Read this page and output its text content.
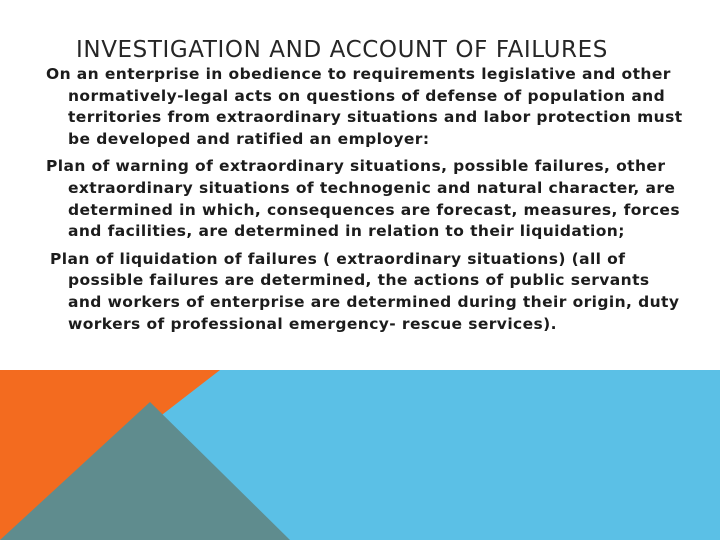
INVESTIGATION AND ACCOUNT OF FAILURES
On an enterprise in obedience to requirements legislative and other normatively-legal acts on questions of defense of population and territories from extraordinary situations and labor protection must be developed and ratified an employer:
Plan of warning of extraordinary situations, possible failures, other extraordinary situations of technogenic and natural character, are determined in which, consequences are forecast, measures, forces and facilities, are determined in relation to their liquidation;
Plan of liquidation of failures ( extraordinary situations) (all of possible failures are determined, the actions of public servants and workers of enterprise are determined during their origin, duty workers of professional emergency- rescue services).
